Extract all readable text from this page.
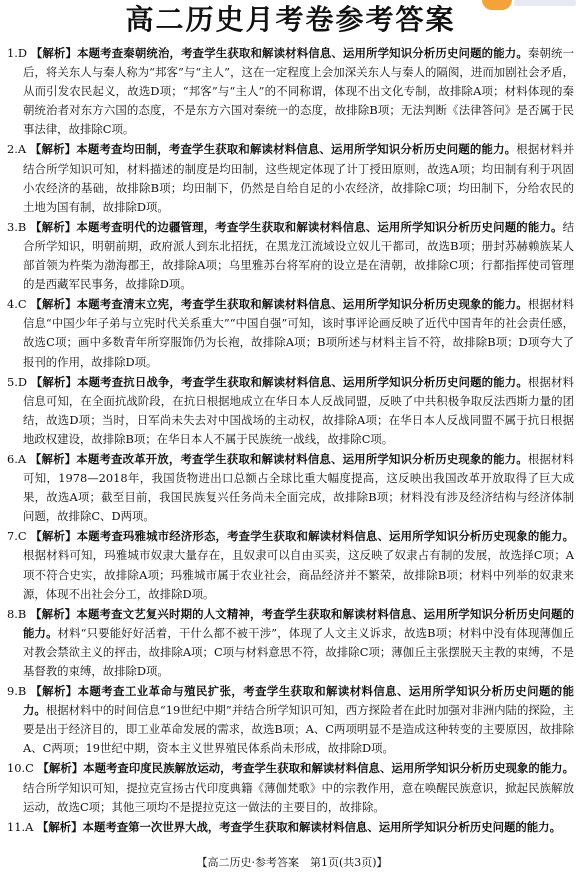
高二历史月考卷参考答案
1.D 【解析】本题考查秦朝统治，考查学生获取和解读材料信息、运用所学知识分析历史问题的能力。秦朝统一后，将关东人与秦人称为“邦客”与“主人”，这在一定程度上会加深关东人与秦人的隔阂，进而加剧社会矛盾，从而引发农民起义，故选D项；“邦客”与“主人”的不同称谓，体现不出文化专制，故排除A项；材料体现的秦朝统治者对东方六国的态度，不是东方六国对秦统一的态度，故排除B项；无法判断《法律答问》是否属于民事法律，故排除C项。
2.A 【解析】本题考查均田制，考查学生获取和解读材料信息、运用所学知识分析历史问题的能力。根据材料并结合所学知识可知，材料描述的制度是均田制，这些规定体现了计丁授田原则，故选A项；均田制有利于巩固小农经济的基础，故排除B项；均田制下，仍然是自给自足的小农经济，故排除C项；均田制下，分给农民的土地为国有制，故排除D项。
3.B 【解析】本题考查明代的边疆管理，考查学生获取和解读材料信息、运用所学知识分析历史问题的能力。结合所学知识，明朝前期，政府派人到东北招抚，在黑龙江流域设立奴儿干都司，故选B项；册封苏赫赖族某人部首领为杵柴为渤海郡王，故排除A项；乌里雅苏台将军府的设立是在清朝，故排除C项；行都指挥使司管理的是西藏军民事务，故排除D项。
4.C 【解析】本题考查清末立宪，考查学生获取和解读材料信息、运用所学知识分析历史现象的能力。根据材料信息“中国少年子弟与立宪时代关系重大”“中国自强”可知，该时事评论画反映了近代中国青年的社会责任感，故选C项；画中多数青年所穿服饰仍为长袍，故排除A项；B项所述与材料主旨不符，故排除B项；D项夸大了报刊的作用，故排除D项。
5.D 【解析】本题考查抗日战争，考查学生获取和解读材料信息、运用所学知识分析历史问题的能力。根据材料信息可知，在全面抗战阶段，在抗日根据地成立在华日本人反战同盟，反映了中共积极争取反法西斯力量的团结，故选D项；当时，日军尚未失去对中国战场的主动权，故排除A项；在华日本人反战同盟不属于抗日根据地政权建设，故排除B项；在华日本人不属于民族统一战线，故排除C项。
6.A 【解析】本题考查改革开放，考查学生获取和解读材料信息、运用所学知识分析历史现象的能力。根据材料可知，1978—2018年，我国货物进出口总额占全球比重大幅度提高，这反映出我国改革开放取得了巨大成果，故选A项；截至目前，我国民族复兴任务尚未全面完成，故排除B项；材料没有涉及经济结构与经济体制问题，故排除C、D两项。
7.C 【解析】本题考查玛雅城市经济形态，考查学生获取和解读材料信息、运用所学知识分析历史现象的能力。根据材料可知，玛雅城市奴隶大量存在，且奴隶可以自由买卖，这反映了奴隶占有制的发展，故选择C项；A项不符合史实，故排除A项；玛雅城市属于农业社会，商品经济并不繁荣，故排除B项；材料中列举的奴隶来源，体现不出社会分工，故排除D项。
8.B 【解析】本题考查文艺复兴时期的人文精神，考查学生获取和解读材料信息、运用所学知识分析历史问题的能力。材料“只要能好好活着，干什么都不被干涉”，体现了人文主义诉求，故选B项；材料中没有体现薄伽丘对教会禁欲主义的抨击，故排除A项；C项与材料意思不符，故排除C项；薄伽丘主张摆脱天主教的束缚，不是基督教的束缚，故排除D项。
9.B 【解析】本题考查工业革命与殖民扩张，考查学生获取和解读材料信息、运用所学知识分析历史问题的能力。根据材料中的时间信息“19世纪中期”并结合所学知识可知，西方探险者在此时加强对非洲内陆的探险，主要是出于经济目的，即工业革命发展的需求，故选B项；A、C两项明显不是造成这种转变的主要原因，故排除A、C两项；19世纪中期，资本主义世界殖民体系尚未形成，故排除D项。
10.C 【解析】本题考查印度民族解放运动，考查学生获取和解读材料信息、运用所学知识分析历史现象的能力。结合所学知识可知，提拉克宣扬古代印度典籍《薄伽梵歌》中的宗教作用，意在唤醒民族意识，掀起民族解放运动，故选C项；其他三项均不是提拉克这一做法的主要目的，故排除。
11.A 【解析】本题考查第一次世界大战，考查学生获取和解读材料信息、运用所学知识分析历史问题的能力。
【高二历史·参考答案　第1页(共3页)】
